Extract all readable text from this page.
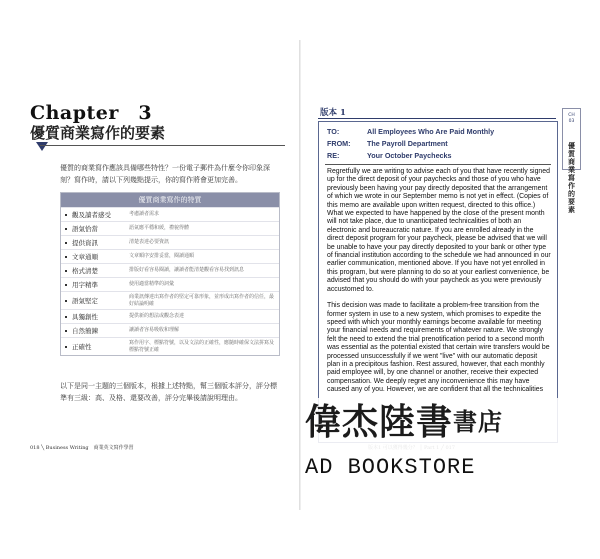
Chapter　3
優質商業寫作的要素
優質的商業寫作應該具備哪些特性？一份電子郵件為什麼令你印象深刻？寫作時，請以下列幾點提示，你的寫作將會更加完善。
優質商業寫作的特質
觀及讀者感受	考慮讀者需求
語氣恰當	語氣應平穩和緩，禮貌得體
提供資訊	清楚表達必要資訊
文章通順	文章順序安排妥當，閱讀通順
格式清楚	排版好看容易閱讀，讓讀者能清楚觀看容易找到訊息
用字精準	使用適當精準的詞彙
語氣堅定	商業訊傳達出寫作者的堅定可靠形象，並形成出寫作者的信任，最好結論明確
具獨創性	提供新的想法或觀念表達
自然簡鍊	讓讀者容易吸收和理解
正確性	寫作用字、標點符號，以及文法的正確性，應隨時確保文法拼寫及標點符號正確
以下是同一主題的三個版本，根據上述特點，幫三個版本評分，評分標準有三級：高、及格、還要改善，評分完畢後請說明理由。
018 ╲ Business Writing　商業英文寫作學習
版本 1
TO:	All Employees Who Are Paid Monthly
FROM:	The Payroll Department
RE:	Your October Paychecks

Regretfully we are writing to advise each of you that have recently signed up for the direct deposit of your paychecks and those of you who have previously been having your pay directly deposited that the arrangement of which we wrote in our September memo is not yet in effect. (Copies of this memo are available upon written request, directed to this office.) What we expected to have happened by the close of the present month will not take place, due to unanticipated technicalities of both an electronic and bureaucratic nature. If you are enrolled already in the direct deposit program for your paycheck, please be advised that we will be unable to have your pay directly deposited to your bank or other type of financial institution according to the schedule we had announced in our earlier communication, mentioned above. If you have not yet enrolled in this program, but were planning to do so at your earliest convenience, be advised that you should do with your paycheck as you were previously accustomed to.

This decision was made to facilitate a problem-free transition from the former system in use to a new system, which promises to expedite the speed with which your monthly earnings become available for meeting your financial needs and requirements of whatever nature. We strongly felt the need to extend the trial prenotification period to a second month was essential as the potential existed that certain wire transfers would be processed unsuccessfully if we went "live" with our automatic deposit plan in a precipitous fashion. Rest assured, however, that each monthly paid employee will, by one channel or another, receive their expected compensation. We deeply regret any inconvenience this may have caused any of you. However, we are confident that all the technicalities

CH 03
優質商業寫作的要素
偉杰陸書$^{書店}$
AD BOOKSTORE
